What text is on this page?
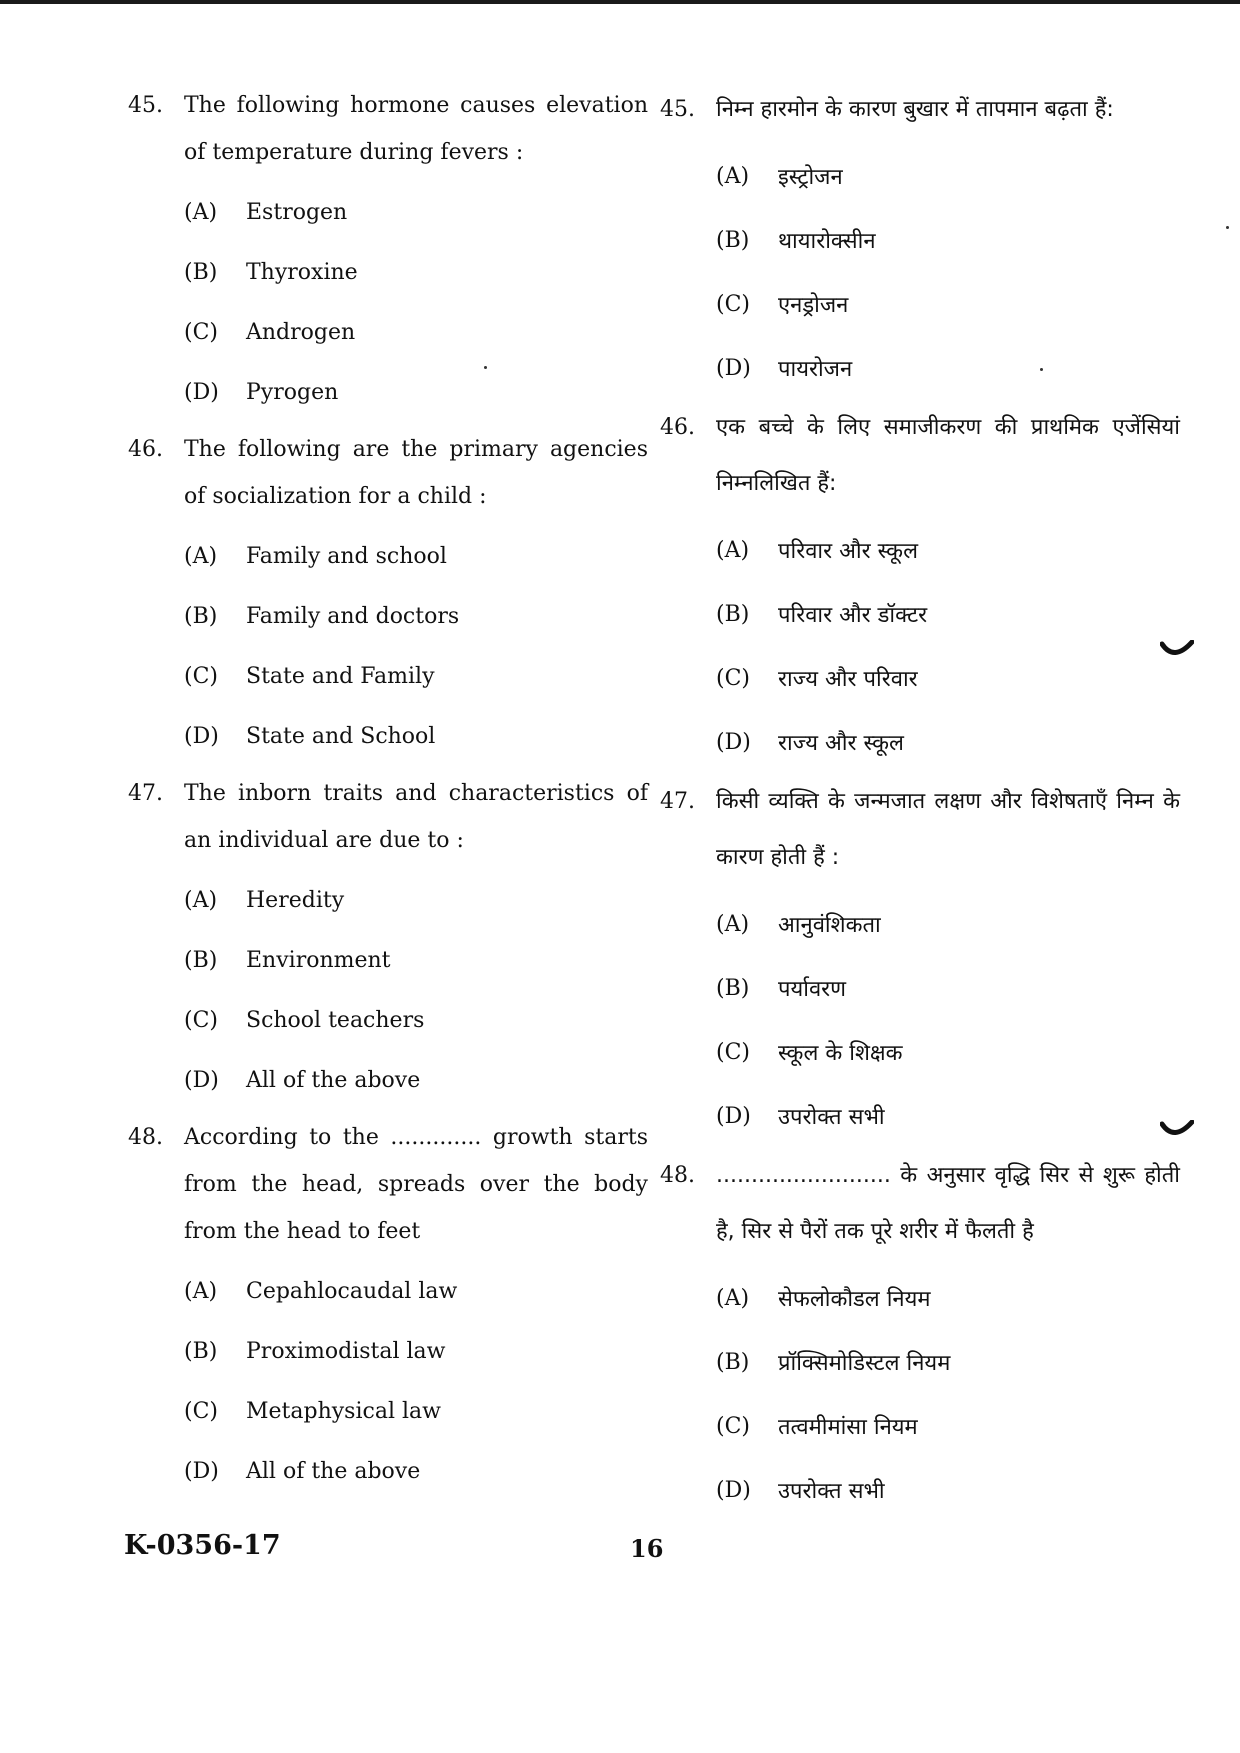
45. The following hormone causes elevation of temperature during fevers :
(A)	Estrogen
(B)	Thyroxine
(C)	Androgen
(D)	Pyrogen
46. The following are the primary agencies of socialization for a child :
(A)	Family and school
(B)	Family and doctors
(C)	State and Family
(D)	State and School
47. The inborn traits and characteristics of an individual are due to :
(A)	Heredity
(B)	Environment
(C)	School teachers
(D)	All of the above
48. According to the ............. growth starts from the head, spreads over the body from the head to feet
(A)	Cepahlocaudal law
(B)	Proximodistal law
(C)	Metaphysical law
(D)	All of the above
45. निम्न हारमोन के कारण बुखार में तापमान बढ़ता हैं:
(A)	इस्ट्रोजन
(B)	थायारोक्सीन
(C)	एनड्रोजन
(D)	पायरोजन
46. एक बच्चे के लिए समाजीकरण की प्राथमिक एजेंसियां निम्नलिखित हैं:
(A)	परिवार और स्कूल
(B)	परिवार और डॉक्टर
(C)	राज्य और परिवार
(D)	राज्य और स्कूल
47. किसी व्यक्ति के जन्मजात लक्षण और विशेषताएँ निम्न के कारण होती हैं :
(A)	आनुवंशिकता
(B)	पर्यावरण
(C)	स्कूल के शिक्षक
(D)	उपरोक्त सभी
48. ......................... के अनुसार वृद्धि सिर से शुरू होती है, सिर से पैरों तक पूरे शरीर में फैलती है
(A)	सेफलोकौडल नियम
(B)	प्रॉक्सिमोडिस्टल नियम
(C)	तत्वमीमांसा नियम
(D)	उपरोक्त सभी
K-0356-17	16
